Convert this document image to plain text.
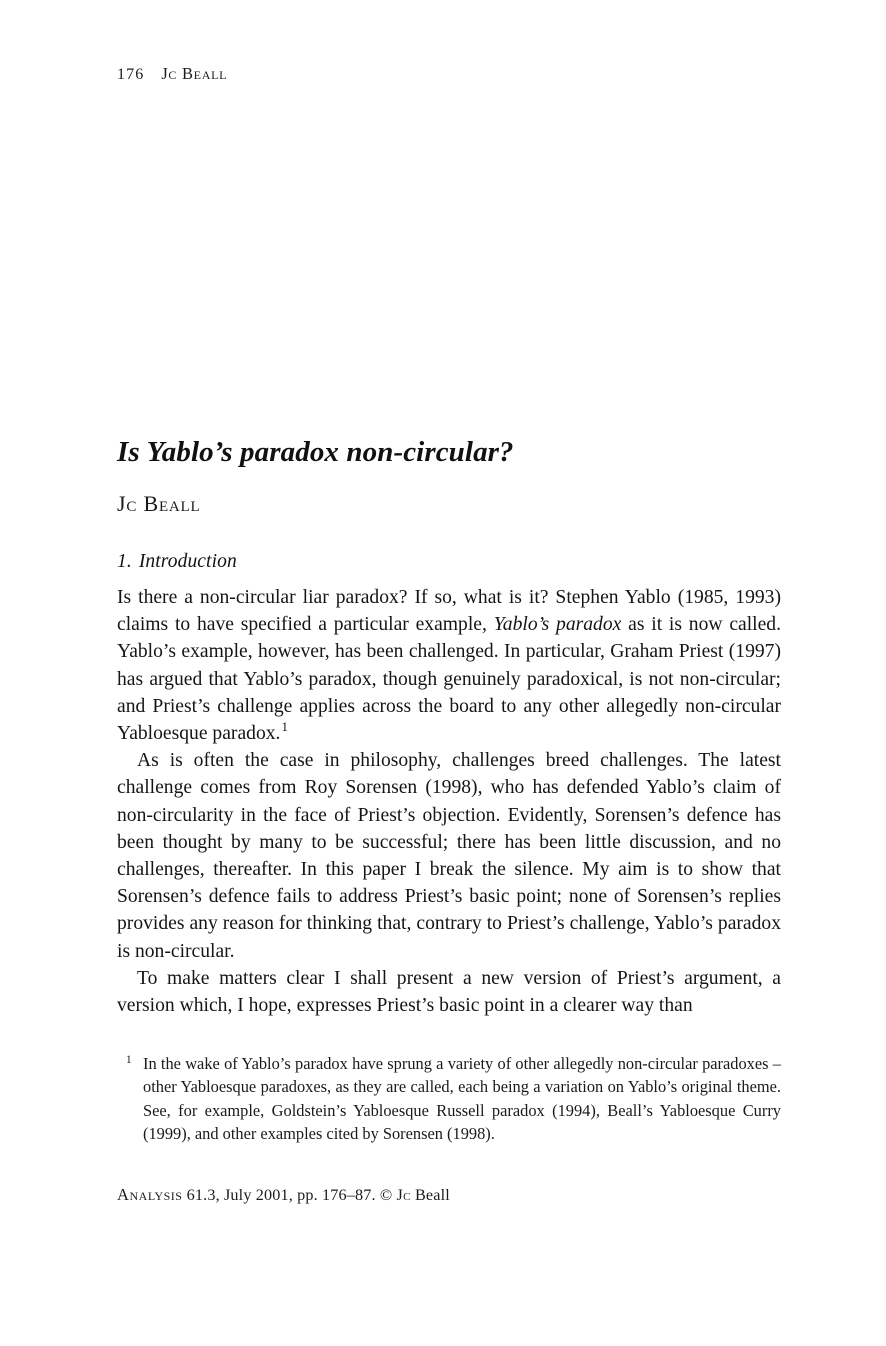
176 Jc Beall
Is Yablo’s paradox non-circular?
Jc Beall
1. Introduction

Is there a non-circular liar paradox? If so, what is it? Stephen Yablo (1985, 1993) claims to have specified a particular example, Yablo’s paradox as it is now called. Yablo’s example, however, has been challenged. In particular, Graham Priest (1997) has argued that Yablo’s paradox, though genuinely paradoxical, is not non-circular; and Priest’s challenge applies across the board to any other allegedly non-circular Yabloesque paradox.$^1$

As is often the case in philosophy, challenges breed challenges. The latest challenge comes from Roy Sorensen (1998), who has defended Yablo’s claim of non-circularity in the face of Priest’s objection. Evidently, Sorensen’s defence has been thought by many to be successful; there has been little discussion, and no challenges, thereafter. In this paper I break the silence. My aim is to show that Sorensen’s defence fails to address Priest’s basic point; none of Sorensen’s replies provides any reason for thinking that, contrary to Priest’s challenge, Yablo’s paradox is non-circular.

To make matters clear I shall present a new version of Priest’s argument, a version which, I hope, expresses Priest’s basic point in a clearer way than

1 In the wake of Yablo’s paradox have sprung a variety of other allegedly non-circular paradoxes – other Yabloesque paradoxes, as they are called, each being a variation on Yablo’s original theme. See, for example, Goldstein’s Yabloesque Russell paradox (1994), Beall’s Yabloesque Curry (1999), and other examples cited by Sorensen (1998).
Analysis 61.3, July 2001, pp. 176–87. © Jc Beall
